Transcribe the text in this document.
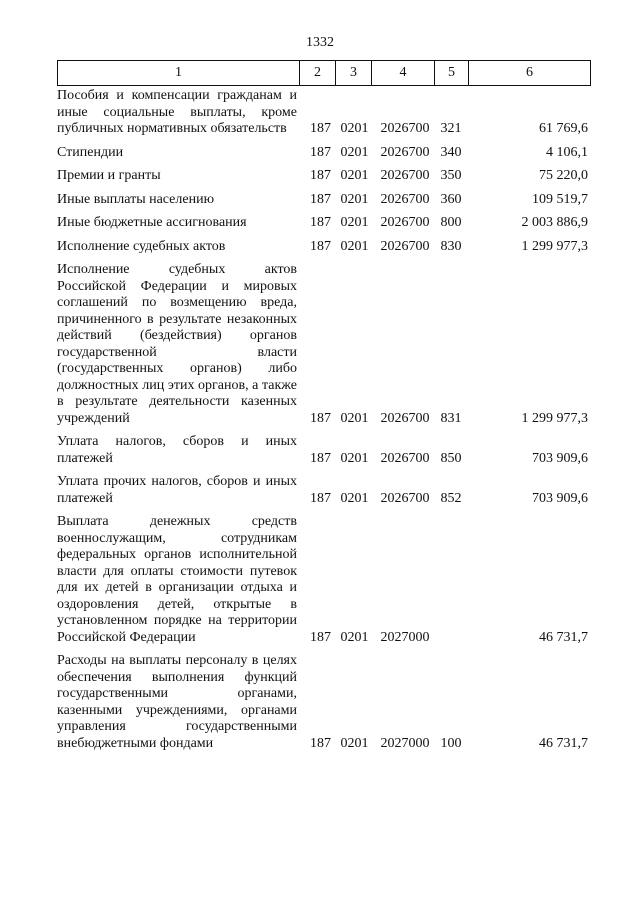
1332
1	2	3	4	5	6
Пособия и компенсации гражданам и иные социальные выплаты, кроме публичных нормативных обязательств	187 0201 2026700 321	61 769,6
Стипендии	187 0201 2026700 340	4 106,1
Премии и гранты	187 0201 2026700 350	75 220,0
Иные выплаты населению	187 0201 2026700 360	109 519,7
Иные бюджетные ассигнования	187 0201 2026700 800	2 003 886,9
Исполнение судебных актов	187 0201 2026700 830	1 299 977,3
Исполнение судебных актов Российской Федерации и мировых соглашений по возмещению вреда, причиненного в результате незаконных действий (бездействия) органов государственной власти (государственных органов) либо должностных лиц этих органов, а также в результате деятельности казенных учреждений	187 0201 2026700 831	1 299 977,3
Уплата налогов, сборов и иных платежей	187 0201 2026700 850	703 909,6
Уплата прочих налогов, сборов и иных платежей	187 0201 2026700 852	703 909,6
Выплата денежных средств военнослужащим, сотрудникам федеральных органов исполнительной власти для оплаты стоимости путевок для их детей в организации отдыха и оздоровления детей, открытые в установленном порядке на территории Российской Федерации	187 0201 2027000	46 731,7
Расходы на выплаты персоналу в целях обеспечения выполнения функций государственными органами, казенными учреждениями, органами управления государственными внебюджетными фондами	187 0201 2027000 100	46 731,7
